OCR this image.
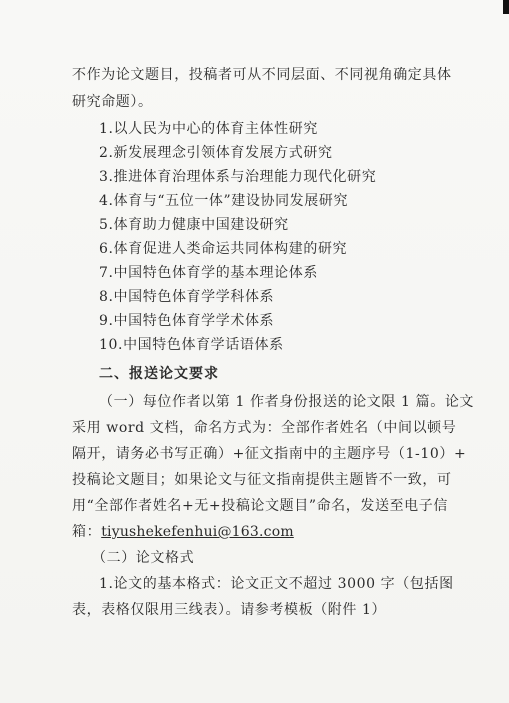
不作为论文题目，投稿者可从不同层面、不同视角确定具体
研究命题）。
1.以人民为中心的体育主体性研究
2.新发展理念引领体育发展方式研究
3.推进体育治理体系与治理能力现代化研究
4.体育与“五位一体”建设协同发展研究
5.体育助力健康中国建设研究
6.体育促进人类命运共同体构建的研究
7.中国特色体育学的基本理论体系
8.中国特色体育学学科体系
9.中国特色体育学学术体系
10.中国特色体育学话语体系
二、报送论文要求
（一）每位作者以第 1 作者身份报送的论文限 1 篇。论文
采用 word 文档，命名方式为：全部作者姓名（中间以顿号
隔开，请务必书写正确）+征文指南中的主题序号（1-10）+
投稿论文题目；如果论文与征文指南提供主题皆不一致，可
用“全部作者姓名+无+投稿论文题目”命名，发送至电子信
箱：tiyushekefenhui@163.com
（二）论文格式
1.论文的基本格式：论文正文不超过 3000 字（包括图
表，表格仅限用三线表）。请参考模板（附件 1）
